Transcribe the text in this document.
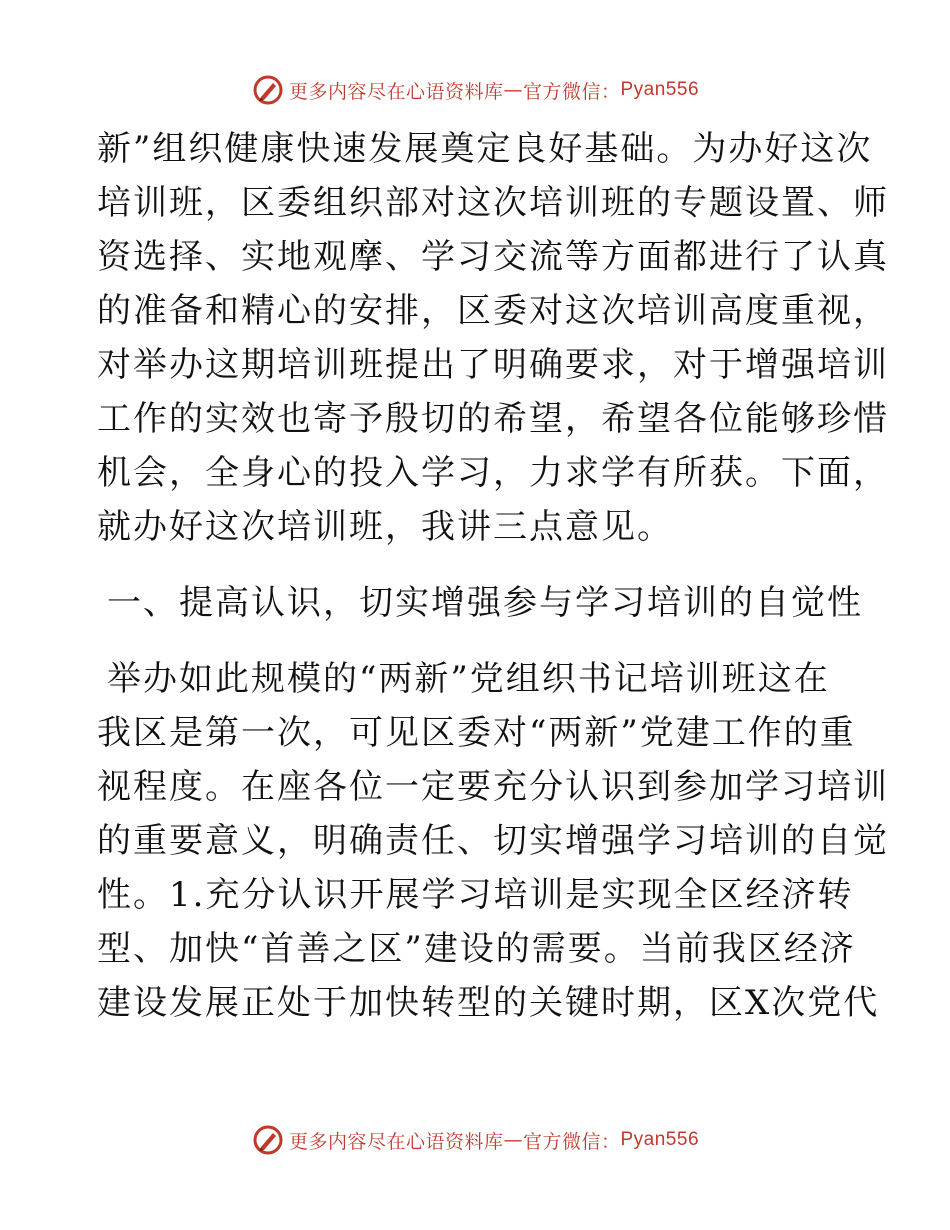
更多内容尽在心语资料库 — 官方微信： Pyan556
新”组织健康快速发展奠定良好基础。为办好这次
培训班，区委组织部对这次培训班的专题设置、师
资选择、实地观摩、学习交流等方面都进行了认真
的准备和精心的安排，区委对这次培训高度重视，
对举办这期培训班提出了明确要求，对于增强培训
工作的实效也寄予殷切的希望，希望各位能够珍惜
机会，全身心的投入学习，力求学有所获。下面，
就办好这次培训班，我讲三点意见。
一、提高认识，切实增强参与学习培训的自觉性
举办如此规模的“两新”党组织书记培训班这在
我区是第一次，可见区委对“两新”党建工作的重
视程度。在座各位一定要充分认识到参加学习培训
的重要意义，明确责任、切实增强学习培训的自觉
性。1.充分认识开展学习培训是实现全区经济转
型、加快“首善之区”建设的需要。当前我区经济
建设发展正处于加快转型的关键时期，区X次党代
更多内容尽在心语资料库 — 官方微信： Pyan556
